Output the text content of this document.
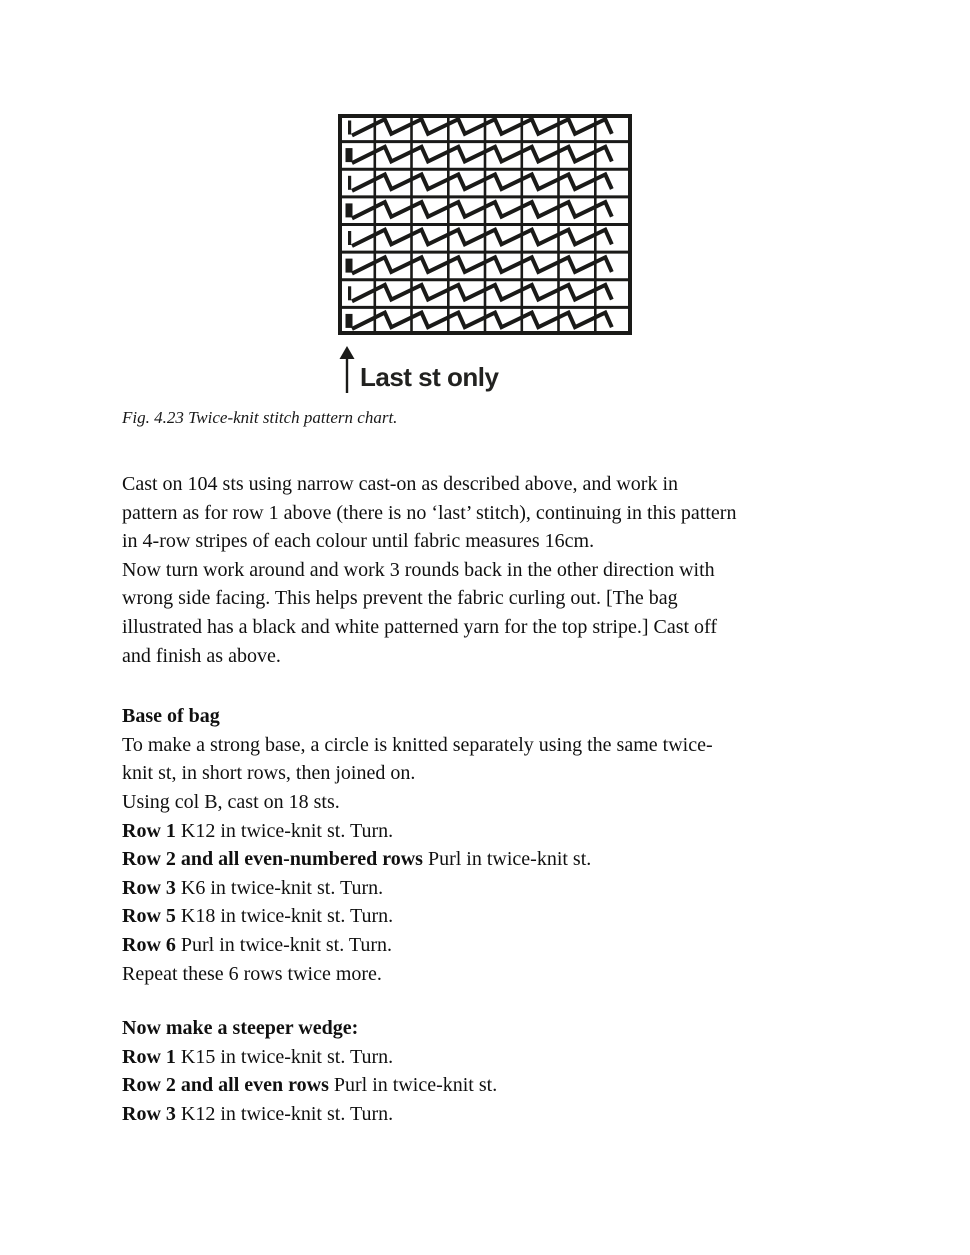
Last st only
Fig. 4.23 Twice-knit stitch pattern chart.
Cast on 104 sts using narrow cast-on as described above, and work in
pattern as for row 1 above (there is no ‘last’ stitch), continuing in this pattern
in 4-row stripes of each colour until fabric measures 16cm.
Now turn work around and work 3 rounds back in the other direction with
wrong side facing. This helps prevent the fabric curling out. [The bag
illustrated has a black and white patterned yarn for the top stripe.] Cast off
and finish as above.
Base of bag
To make a strong base, a circle is knitted separately using the same twice-
knit st, in short rows, then joined on.
Using col B, cast on 18 sts.
Row 1 K12 in twice-knit st. Turn.
Row 2 and all even-numbered rows Purl in twice-knit st.
Row 3 K6 in twice-knit st. Turn.
Row 5 K18 in twice-knit st. Turn.
Row 6 Purl in twice-knit st. Turn.
Repeat these 6 rows twice more.
Now make a steeper wedge:
Row 1 K15 in twice-knit st. Turn.
Row 2 and all even rows Purl in twice-knit st.
Row 3 K12 in twice-knit st. Turn.
